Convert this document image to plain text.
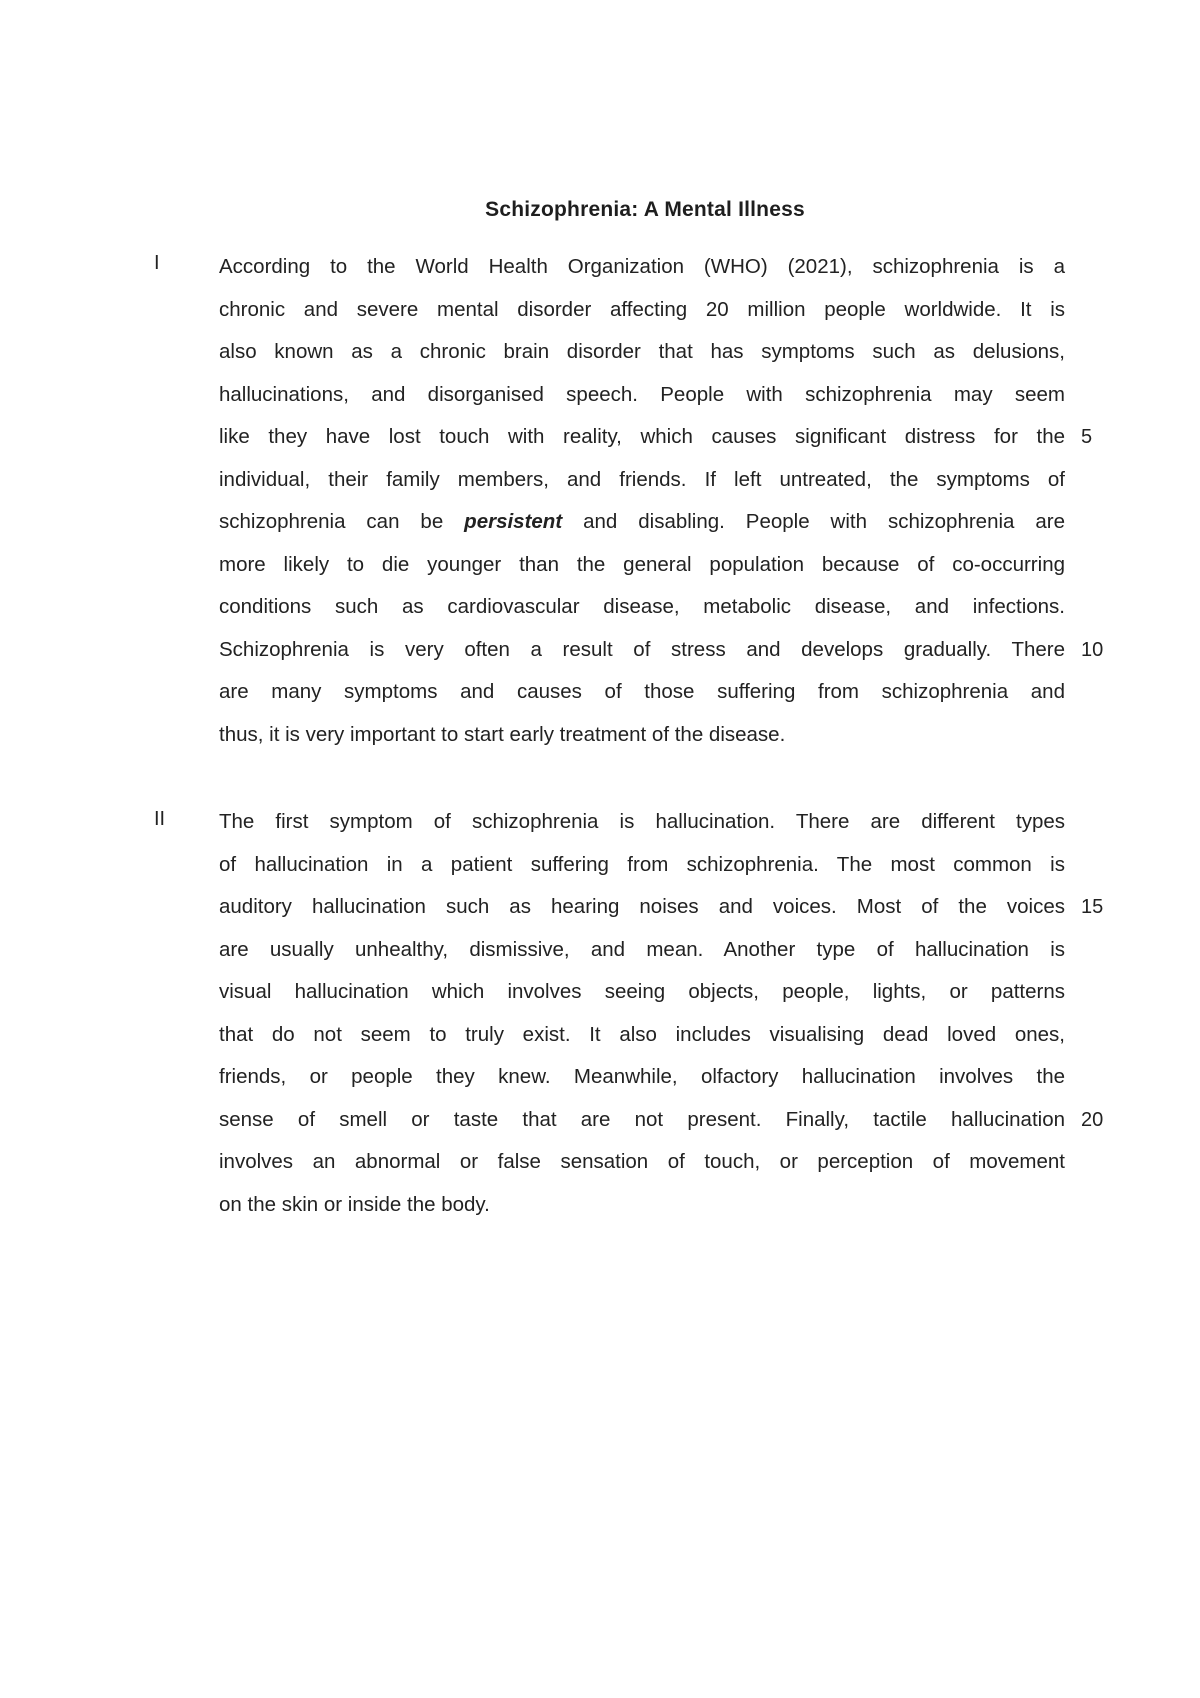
Schizophrenia: A Mental Illness
I	According to the World Health Organization (WHO) (2021), schizophrenia is a
chronic and severe mental disorder affecting 20 million people worldwide. It is
also known as a chronic brain disorder that has symptoms such as delusions,
hallucinations, and disorganised speech. People with schizophrenia may seem
like they have lost touch with reality, which causes significant distress for the 5
individual, their family members, and friends. If left untreated, the symptoms of
schizophrenia can be persistent and disabling. People with schizophrenia are
more likely to die younger than the general population because of co-occurring
conditions such as cardiovascular disease, metabolic disease, and infections.
Schizophrenia is very often a result of stress and develops gradually. There 10
are many symptoms and causes of those suffering from schizophrenia and
thus, it is very important to start early treatment of the disease.
II	The first symptom of schizophrenia is hallucination. There are different types
of hallucination in a patient suffering from schizophrenia. The most common is
auditory hallucination such as hearing noises and voices. Most of the voices 15
are usually unhealthy, dismissive, and mean. Another type of hallucination is
visual hallucination which involves seeing objects, people, lights, or patterns
that do not seem to truly exist. It also includes visualising dead loved ones,
friends, or people they knew. Meanwhile, olfactory hallucination involves the
sense of smell or taste that are not present. Finally, tactile hallucination 20
involves an abnormal or false sensation of touch, or perception of movement
on the skin or inside the body.
